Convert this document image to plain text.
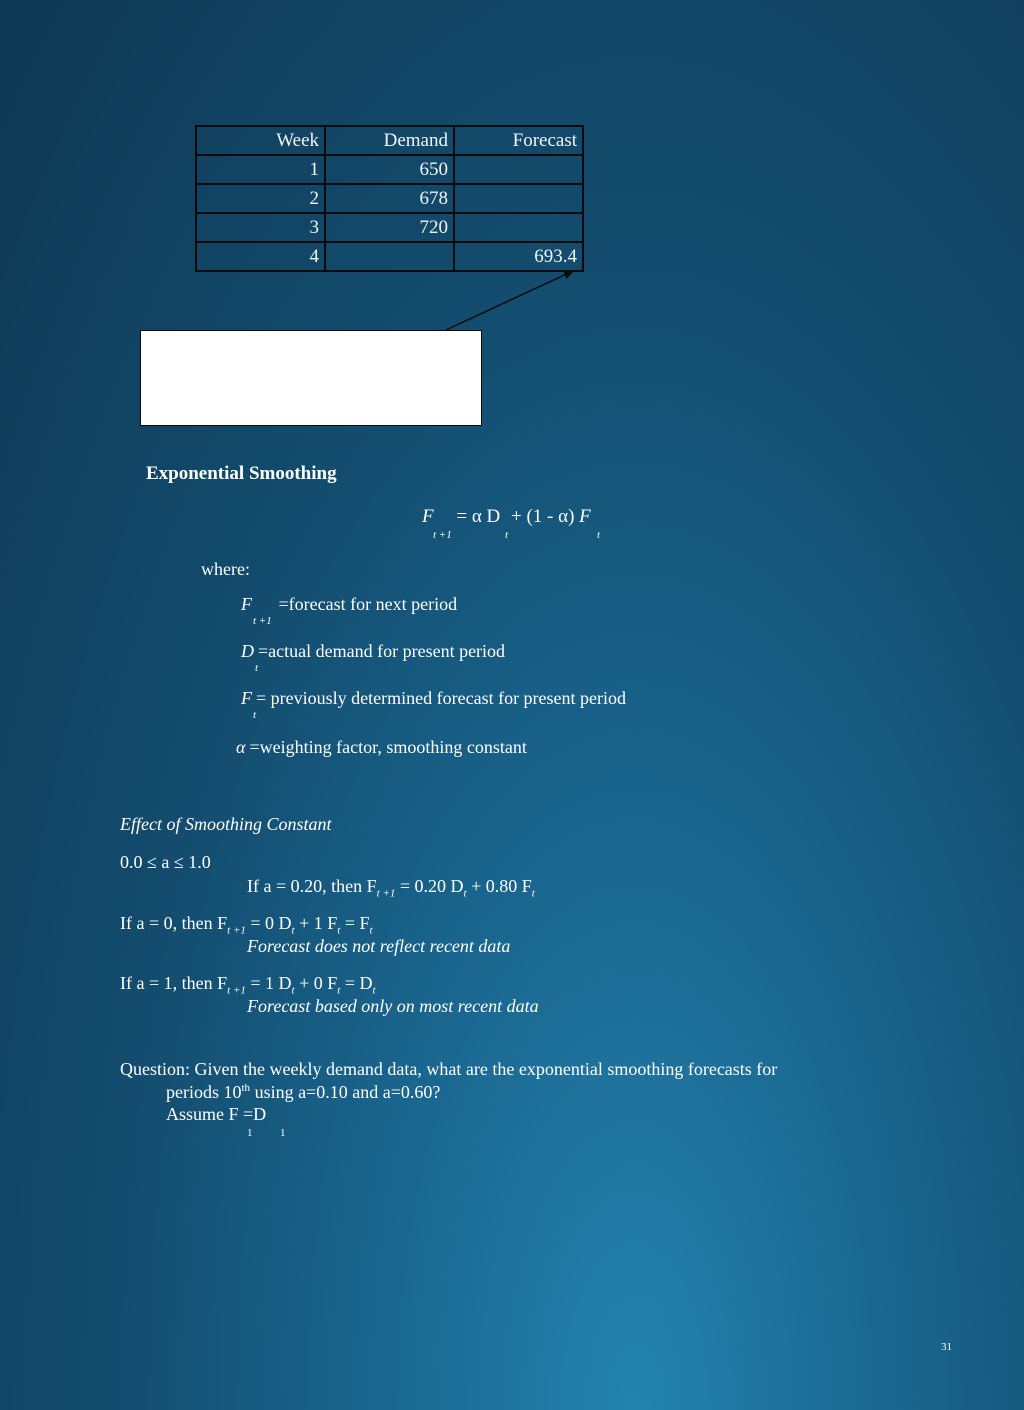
Week	Demand	Forecast
1	650	
2	678	
3	720	
4		693.4
Exponential Smoothing
F = α D + (1 - α) F
t +1	t	t
where:
F =forecast for next period
t +1
D =actual demand for present period
t
F = previously determined forecast for present period
t
α =weighting factor, smoothing constant
Effect of Smoothing Constant
0.0 ≤ a ≤ 1.0
If a = 0.20, then $F_{t +1} = 0.20$ $D_t + 0.80$ $F_t$
If a = 0, then $F_{t +1} = 0$ $D_t + 1$ $F_t = F_t$
Forecast does not reflect recent data
If a = 1, then $F_{t +1} = 1$ $D_t + 0$ $F_t = D_t$
Forecast based only on most recent data
Question: Given the weekly demand data, what are the exponential smoothing forecasts for
periods 10th using a=0.10 and a=0.60?
Assume F =D
1	1
31
